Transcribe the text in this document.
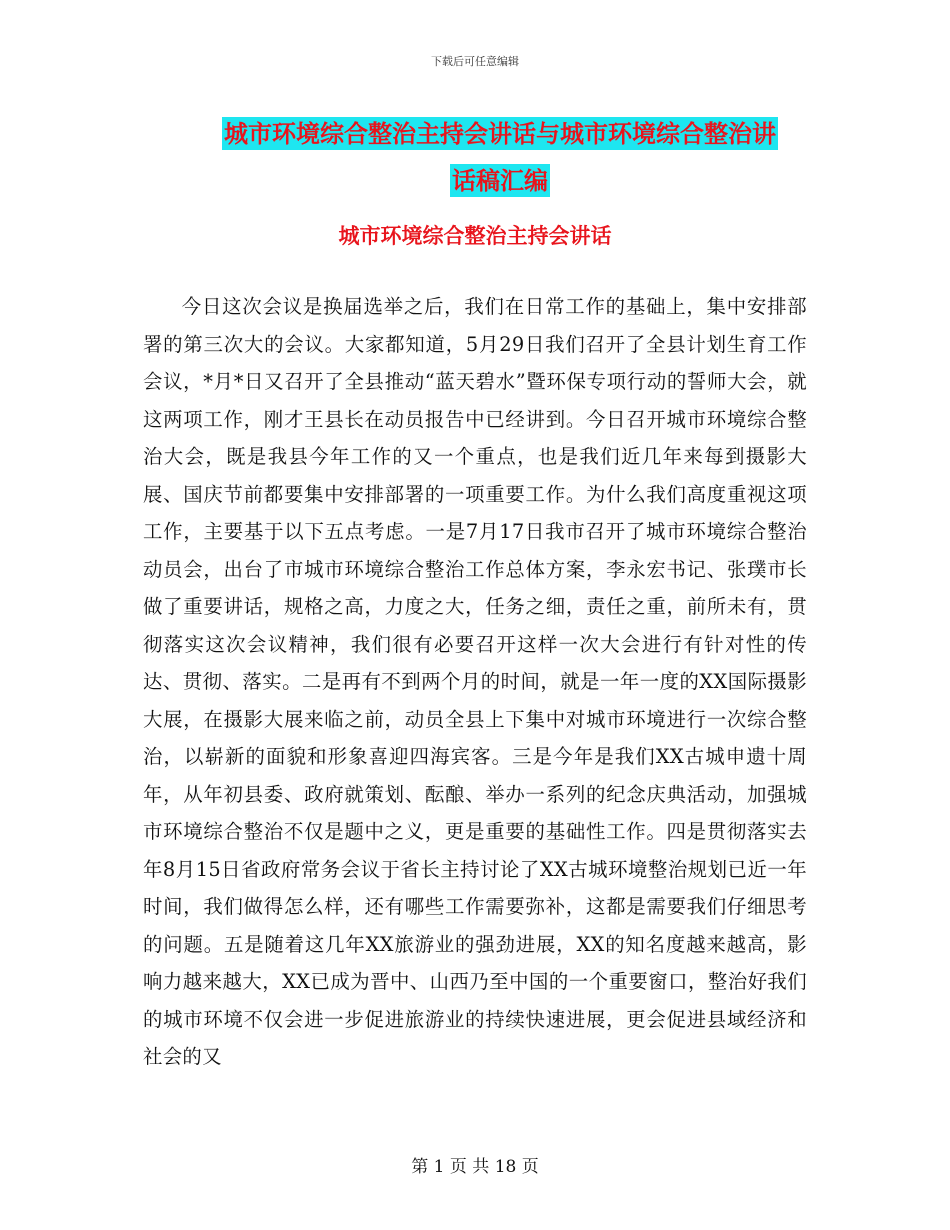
下载后可任意编辑
城市环境综合整治主持会讲话与城市环境综合整治讲
话稿汇编
城市环境综合整治主持会讲话

今日这次会议是换届选举之后，我们在日常工作的基础上，集中安排部署的第三次大的会议。大家都知道，5月29日我们召开了全县计划生育工作会议，*月*日又召开了全县推动“蓝天碧水”暨环保专项行动的誓师大会，就这两项工作，刚才王县长在动员报告中已经讲到。今日召开城市环境综合整治大会，既是我县今年工作的又一个重点，也是我们近几年来每到摄影大展、国庆节前都要集中安排部署的一项重要工作。为什么我们高度重视这项工作，主要基于以下五点考虑。一是7月17日我市召开了城市环境综合整治动员会，出台了市城市环境综合整治工作总体方案，李永宏书记、张璞市长做了重要讲话，规格之高，力度之大，任务之细，责任之重，前所未有，贯彻落实这次会议精神，我们很有必要召开这样一次大会进行有针对性的传达、贯彻、落实。二是再有不到两个月的时间，就是一年一度的XX国际摄影大展，在摄影大展来临之前，动员全县上下集中对城市环境进行一次综合整治，以崭新的面貌和形象喜迎四海宾客。三是今年是我们XX古城申遗十周年，从年初县委、政府就策划、酝酿、举办一系列的纪念庆典活动，加强城市环境综合整治不仅是题中之义，更是重要的基础性工作。四是贯彻落实去年8月15日省政府常务会议于省长主持讨论了XX古城环境整治规划已近一年时间，我们做得怎么样，还有哪些工作需要弥补，这都是需要我们仔细思考的问题。五是随着这几年XX旅游业的强劲进展，XX的知名度越来越高，影响力越来越大，XX已成为晋中、山西乃至中国的一个重要窗口，整治好我们的城市环境不仅会进一步促进旅游业的持续快速进展，更会促进县域经济和社会的又

第 1 页 共 18 页
